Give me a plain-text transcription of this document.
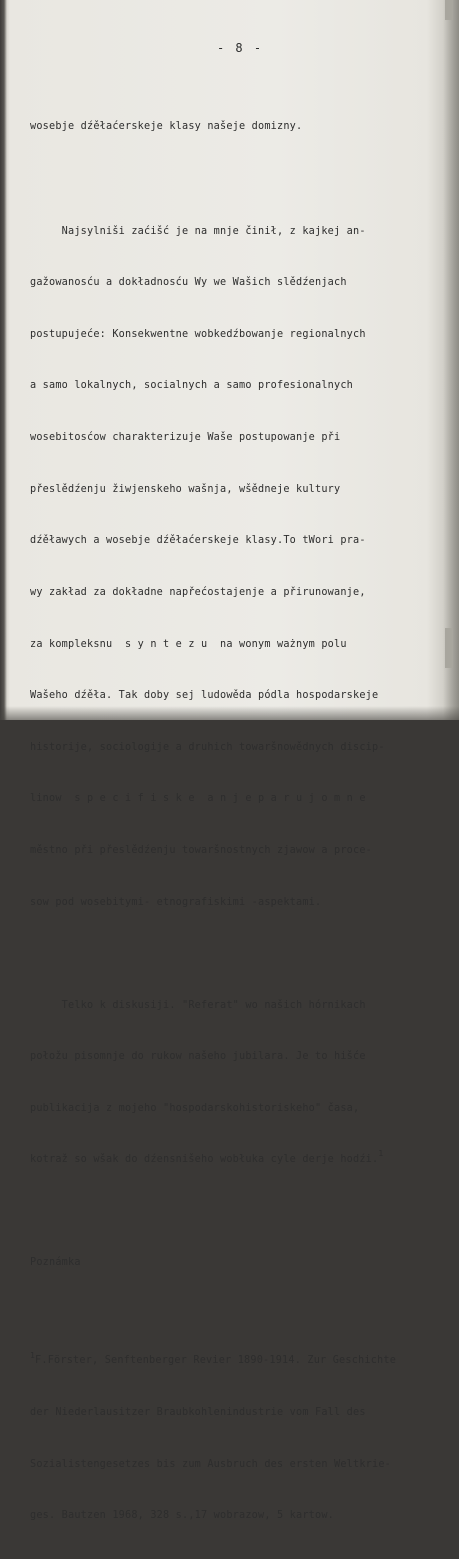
- 8 -

wosebje dźěłaćerskeje klasy našeje domizny.

Najsylniši zaćišć je na mnje činił, z kajkej an-

gažowanosću a dokładnosću Wy we Wašich slědźenjach

postupujeće: Konsekwentne wobkedźbowanje regionalnych

a samo lokalnych, socialnych a samo profesionalnych

wosebitosćow charakterizuje Waše postupowanje při

přeslědźenju žiwjenskeho wašnja, wšědneje kultury

dźěławych a wosebje dźěłaćerskeje klasy.To tWori pra-

wy zakład za dokładne napřećostajenje a přirunowanje,

za kompleksnu  s y n t e z u  na wonym ważnym polu

Wašeho dźěła. Tak doby sej ludowěda pódla hospodarskeje

historije, sociologije a druhich towaršnowědnych discip-

linow  s p e c i f i s k e  a n j e p a r u j o m n e

městno při přeslědźenju towaršnostnych zjawow a proce-

sow pod wosebitymi- etnografiskimi -aspektami.

Telko k diskusiji. "Referat" wo našich hórnikach

połožu pisomnje do rukow našeho jubilara. Je to hišće

publikacija z mojeho "hospodarskohistoriskeho" časa,

kotraž so wšak do dźensnišeho wobłuka cyle derje hodźi.$^1$

Poznámka

$^1$F.Förster, Senftenberger Revier 1890-1914. Zur Geschichte

der Niederlausitzer Braubkohlenindustrie vom Fall des

Sozialistengesetzes bis zum Ausbruch des ersten Weltkrie-

ges. Bautzen 1968, 328 s.,17 wobrazow, 5 kartow.
